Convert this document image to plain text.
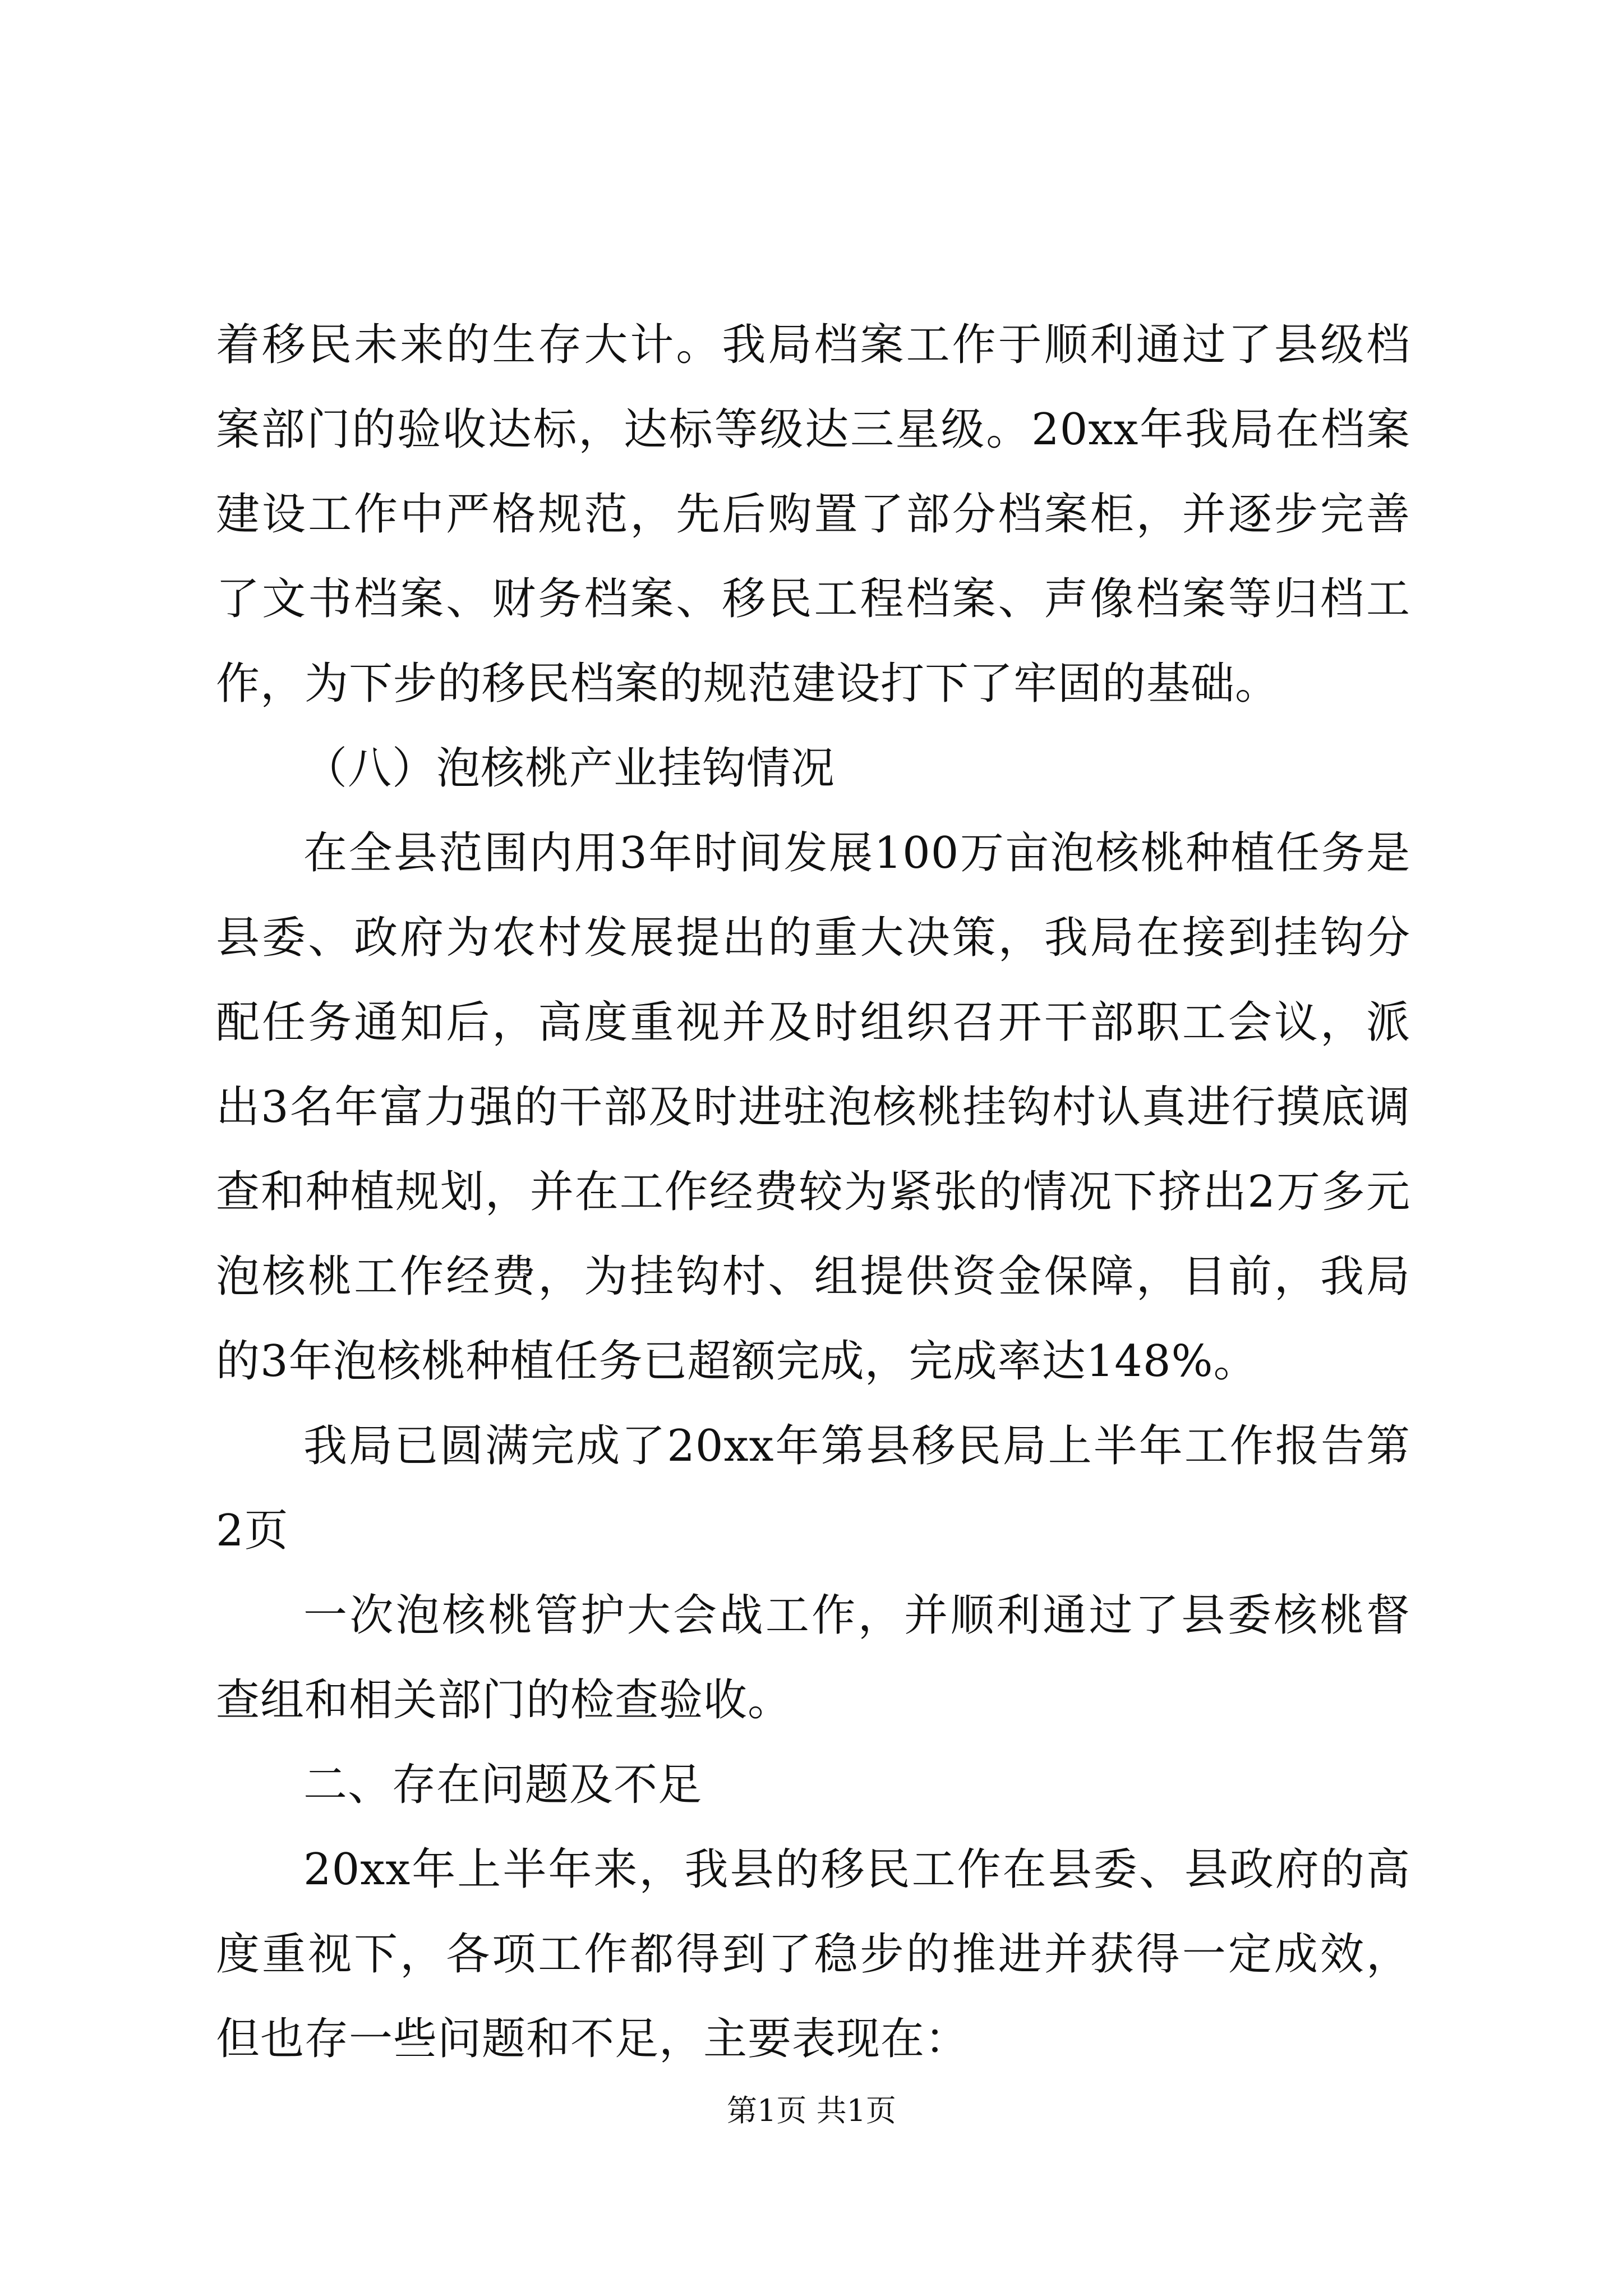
着移民未来的生存大计。我局档案工作于顺利通过了县级档案部门的验收达标，达标等级达三星级。20xx年我局在档案建设工作中严格规范，先后购置了部分档案柜，并逐步完善了文书档案、财务档案、移民工程档案、声像档案等归档工作，为下步的移民档案的规范建设打下了牢固的基础。

（八）泡核桃产业挂钩情况

在全县范围内用3年时间发展100万亩泡核桃种植任务是县委、政府为农村发展提出的重大决策，我局在接到挂钩分配任务通知后，高度重视并及时组织召开干部职工会议，派出3名年富力强的干部及时进驻泡核桃挂钩村认真进行摸底调查和种植规划，并在工作经费较为紧张的情况下挤出2万多元泡核桃工作经费，为挂钩村、组提供资金保障，目前，我局的3年泡核桃种植任务已超额完成，完成率达148%。

我局已圆满完成了20xx年第县移民局上半年工作报告第2页

一次泡核桃管护大会战工作，并顺利通过了县委核桃督查组和相关部门的检查验收。

二、存在问题及不足

20xx年上半年来，我县的移民工作在县委、县政府的高度重视下，各项工作都得到了稳步的推进并获得一定成效，但也存一些问题和不足，主要表现在：

第1页 共1页
